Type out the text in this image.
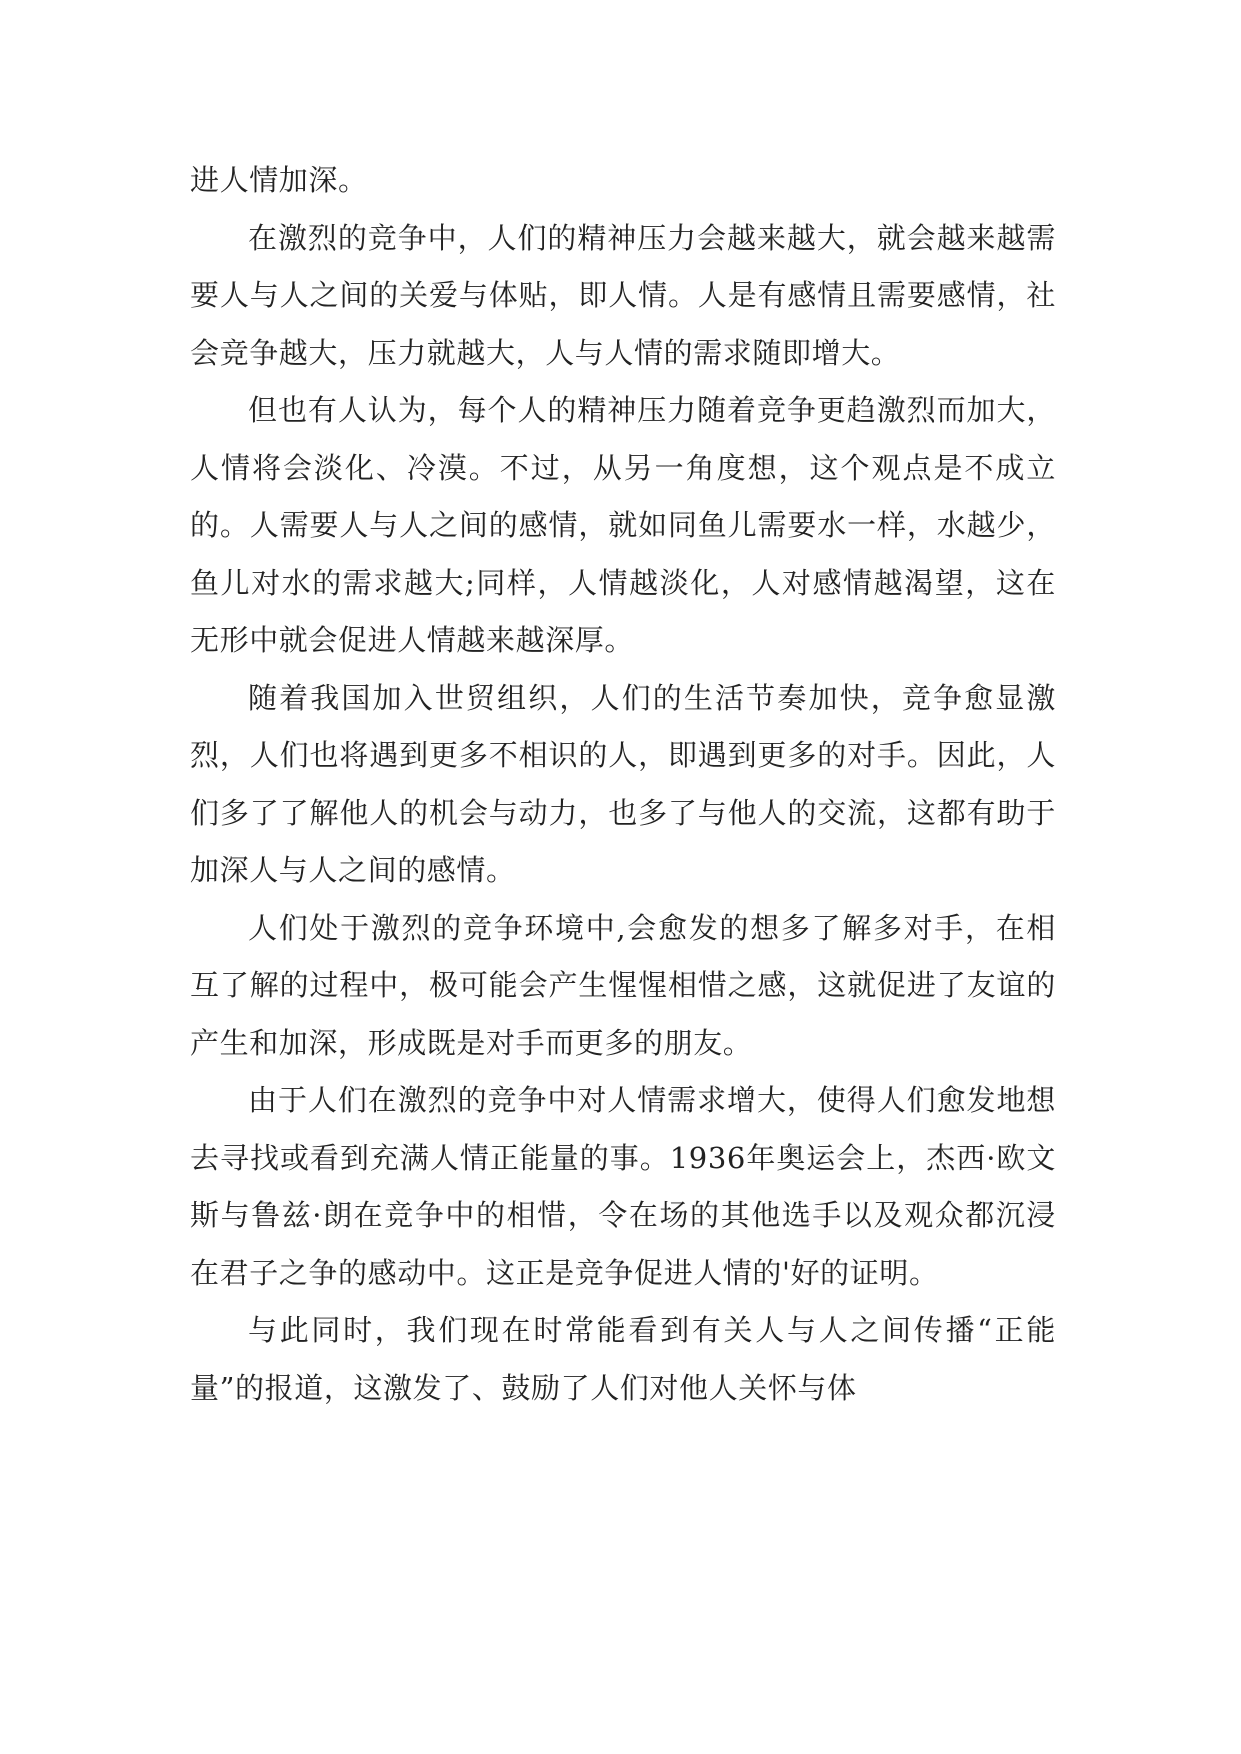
进人情加深。

在激烈的竞争中，人们的精神压力会越来越大，就会越来越需要人与人之间的关爱与体贴，即人情。人是有感情且需要感情，社会竞争越大，压力就越大，人与人情的需求随即增大。

但也有人认为，每个人的精神压力随着竞争更趋激烈而加大，人情将会淡化、冷漠。不过，从另一角度想，这个观点是不成立的。人需要人与人之间的感情，就如同鱼儿需要水一样，水越少，鱼儿对水的需求越大;同样，人情越淡化，人对感情越渴望，这在无形中就会促进人情越来越深厚。

随着我国加入世贸组织，人们的生活节奏加快，竞争愈显激烈，人们也将遇到更多不相识的人，即遇到更多的对手。因此，人们多了了解他人的机会与动力，也多了与他人的交流，这都有助于加深人与人之间的感情。

人们处于激烈的竞争环境中,会愈发的想多了解多对手，在相互了解的过程中，极可能会产生惺惺相惜之感，这就促进了友谊的产生和加深，形成既是对手而更多的朋友。

由于人们在激烈的竞争中对人情需求增大，使得人们愈发地想去寻找或看到充满人情正能量的事。1936年奥运会上，杰西·欧文斯与鲁兹·朗在竞争中的相惜，令在场的其他选手以及观众都沉浸在君子之争的感动中。这正是竞争促进人情的'好的证明。

与此同时，我们现在时常能看到有关人与人之间传播“正能量”的报道，这激发了、鼓励了人们对他人关怀与体
